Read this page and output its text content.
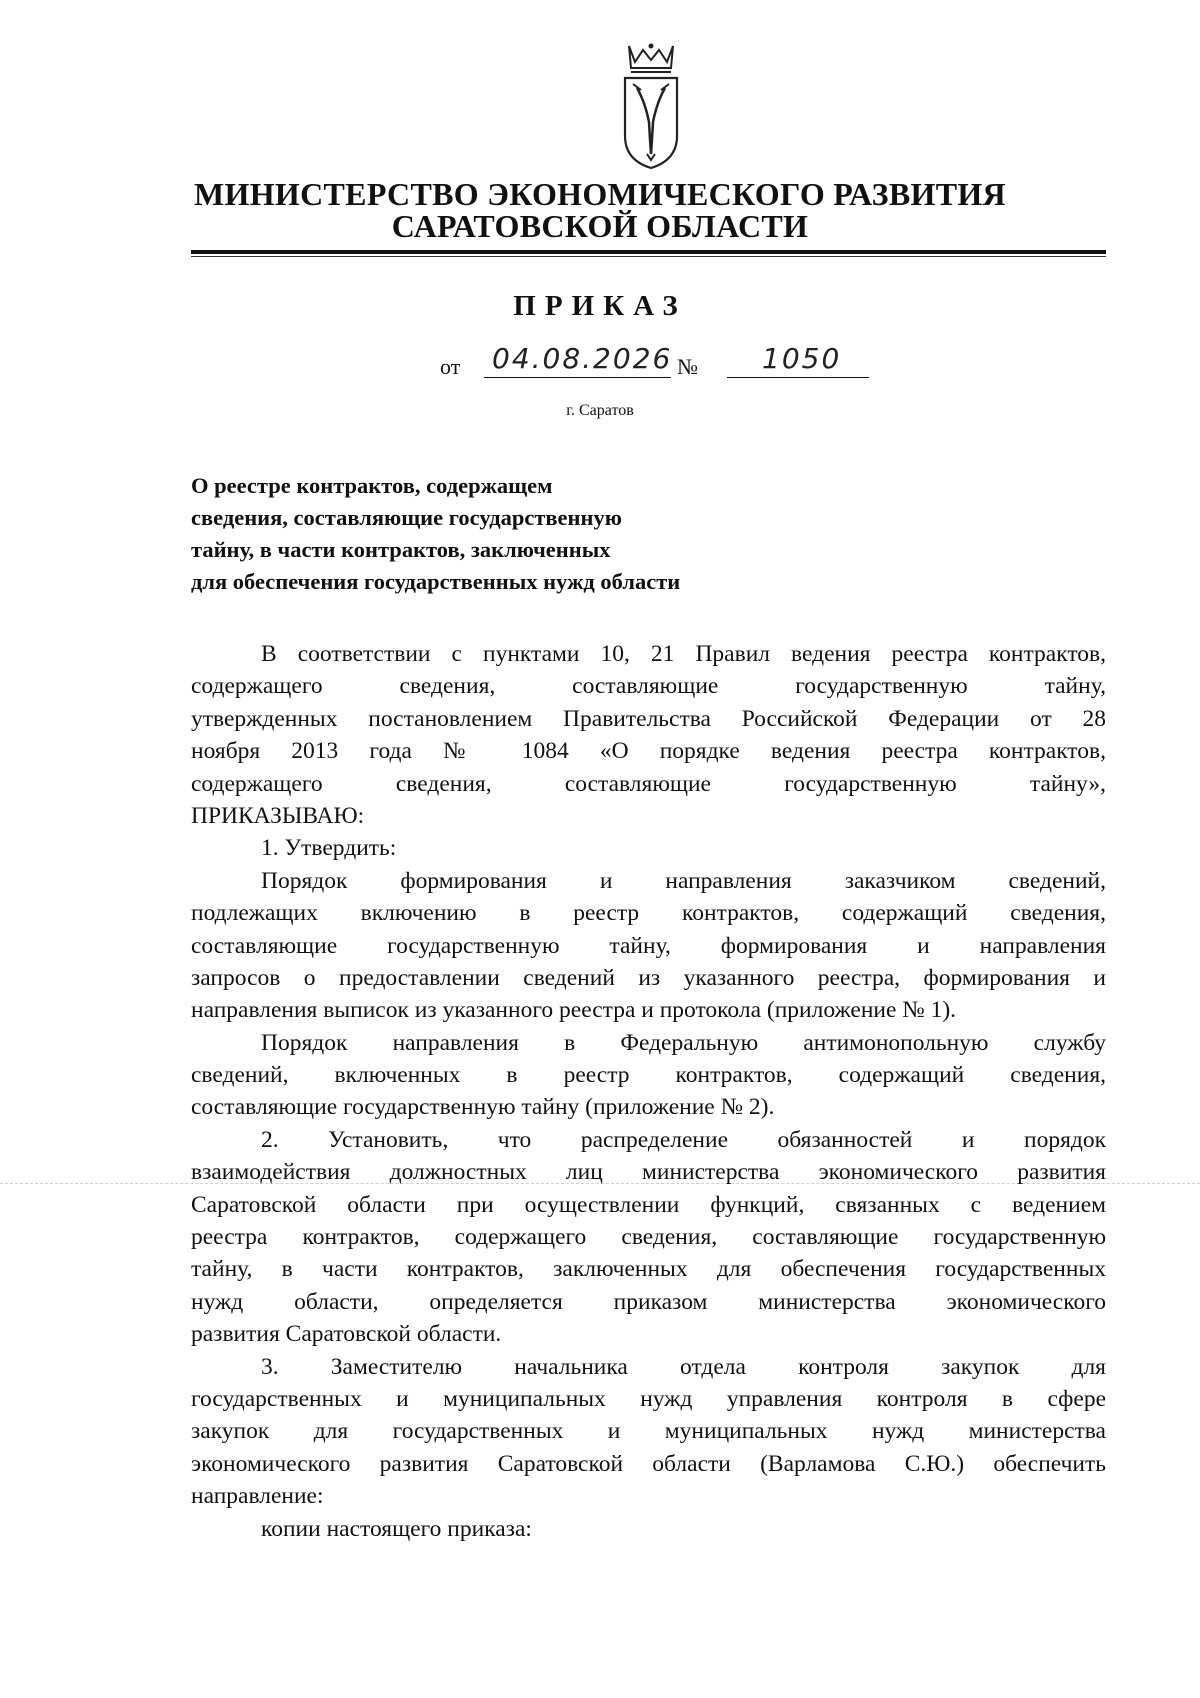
МИНИСТЕРСТВО ЭКОНОМИЧЕСКОГО РАЗВИТИЯ
САРАТОВСКОЙ ОБЛАСТИ
ПРИКАЗ
от 04.08.2026 № 1050
г. Саратов
О реестре контрактов, содержащем
сведения, составляющие государственную
тайну, в части контрактов, заключенных
для обеспечения государственных нужд области
В соответствии с пунктами 10, 21 Правил ведения реестра контрактов,
содержащего сведения, составляющие государственную тайну,
утвержденных постановлением Правительства Российской Федерации от 28
ноября 2013 года № 1084 «О порядке ведения реестра контрактов,
содержащего сведения, составляющие государственную тайну»,
ПРИКАЗЫВАЮ:
1. Утвердить:
Порядок формирования и направления заказчиком сведений,
подлежащих включению в реестр контрактов, содержащий сведения,
составляющие государственную тайну, формирования и направления
запросов о предоставлении сведений из указанного реестра, формирования и
направления выписок из указанного реестра и протокола (приложение № 1).
Порядок направления в Федеральную антимонопольную службу
сведений, включенных в реестр контрактов, содержащий сведения,
составляющие государственную тайну (приложение № 2).
2. Установить, что распределение обязанностей и порядок
взаимодействия должностных лиц министерства экономического развития
Саратовской области при осуществлении функций, связанных с ведением
реестра контрактов, содержащего сведения, составляющие государственную
тайну, в части контрактов, заключенных для обеспечения государственных
нужд области, определяется приказом министерства экономического
развития Саратовской области.
3. Заместителю начальника отдела контроля закупок для
государственных и муниципальных нужд управления контроля в сфере
закупок для государственных и муниципальных нужд министерства
экономического развития Саратовской области (Варламова С.Ю.) обеспечить
направление:
копии настоящего приказа:
